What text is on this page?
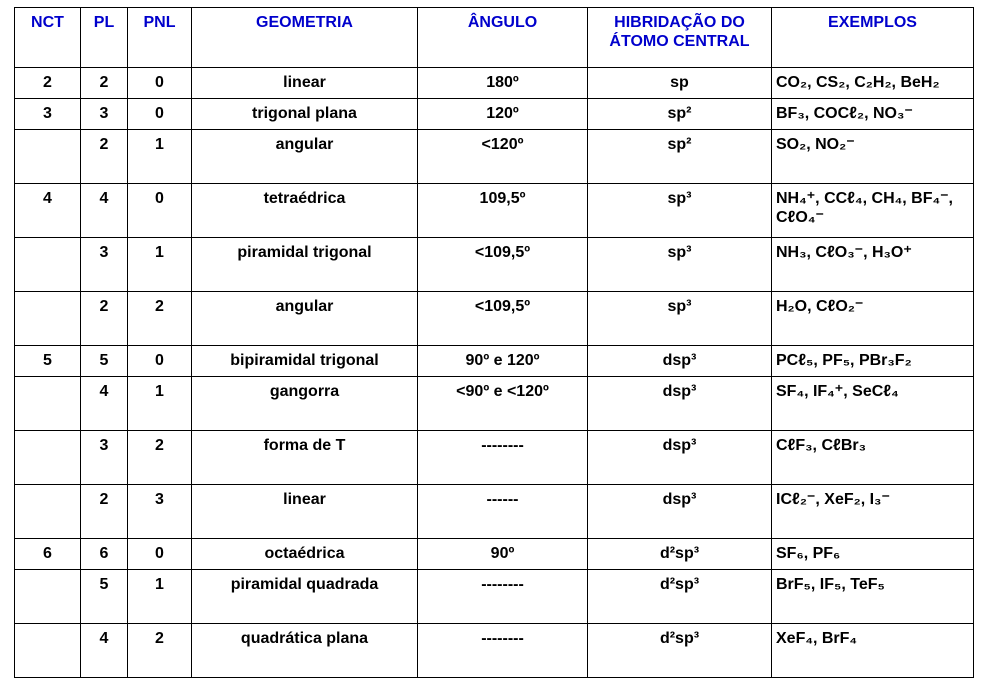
NCT	PL	PNL	GEOMETRIA	ÂNGULO	HIBRIDAÇÃO DO ÁTOMO CENTRAL	EXEMPLOS
2	2	0	linear	180º	sp	CO₂, CS₂, C₂H₂, BeH₂
3	3	0	trigonal plana	120º	sp²	BF₃, COCℓ₂, NO₃⁻
	2	1	angular	<120º	sp²	SO₂, NO₂⁻
4	4	0	tetraédrica	109,5º	sp³	NH₄⁺, CCℓ₄, CH₄, BF₄⁻, CℓO₄⁻
	3	1	piramidal trigonal	<109,5º	sp³	NH₃, CℓO₃⁻, H₃O⁺
	2	2	angular	<109,5º	sp³	H₂O, CℓO₂⁻
5	5	0	bipiramidal trigonal	90º e 120º	dsp³	PCℓ₅, PF₅, PBr₃F₂
	4	1	gangorra	<90º e <120º	dsp³	SF₄, IF₄⁺, SeCℓ₄
	3	2	forma de T	--------	dsp³	CℓF₃, CℓBr₃
	2	3	linear	------	dsp³	ICℓ₂⁻, XeF₂, I₃⁻
6	6	0	octaédrica	90º	d²sp³	SF₆, PF₆
	5	1	piramidal quadrada	--------	d²sp³	BrF₅, IF₅, TeF₅
	4	2	quadrática plana	--------	d²sp³	XeF₄, BrF₄
